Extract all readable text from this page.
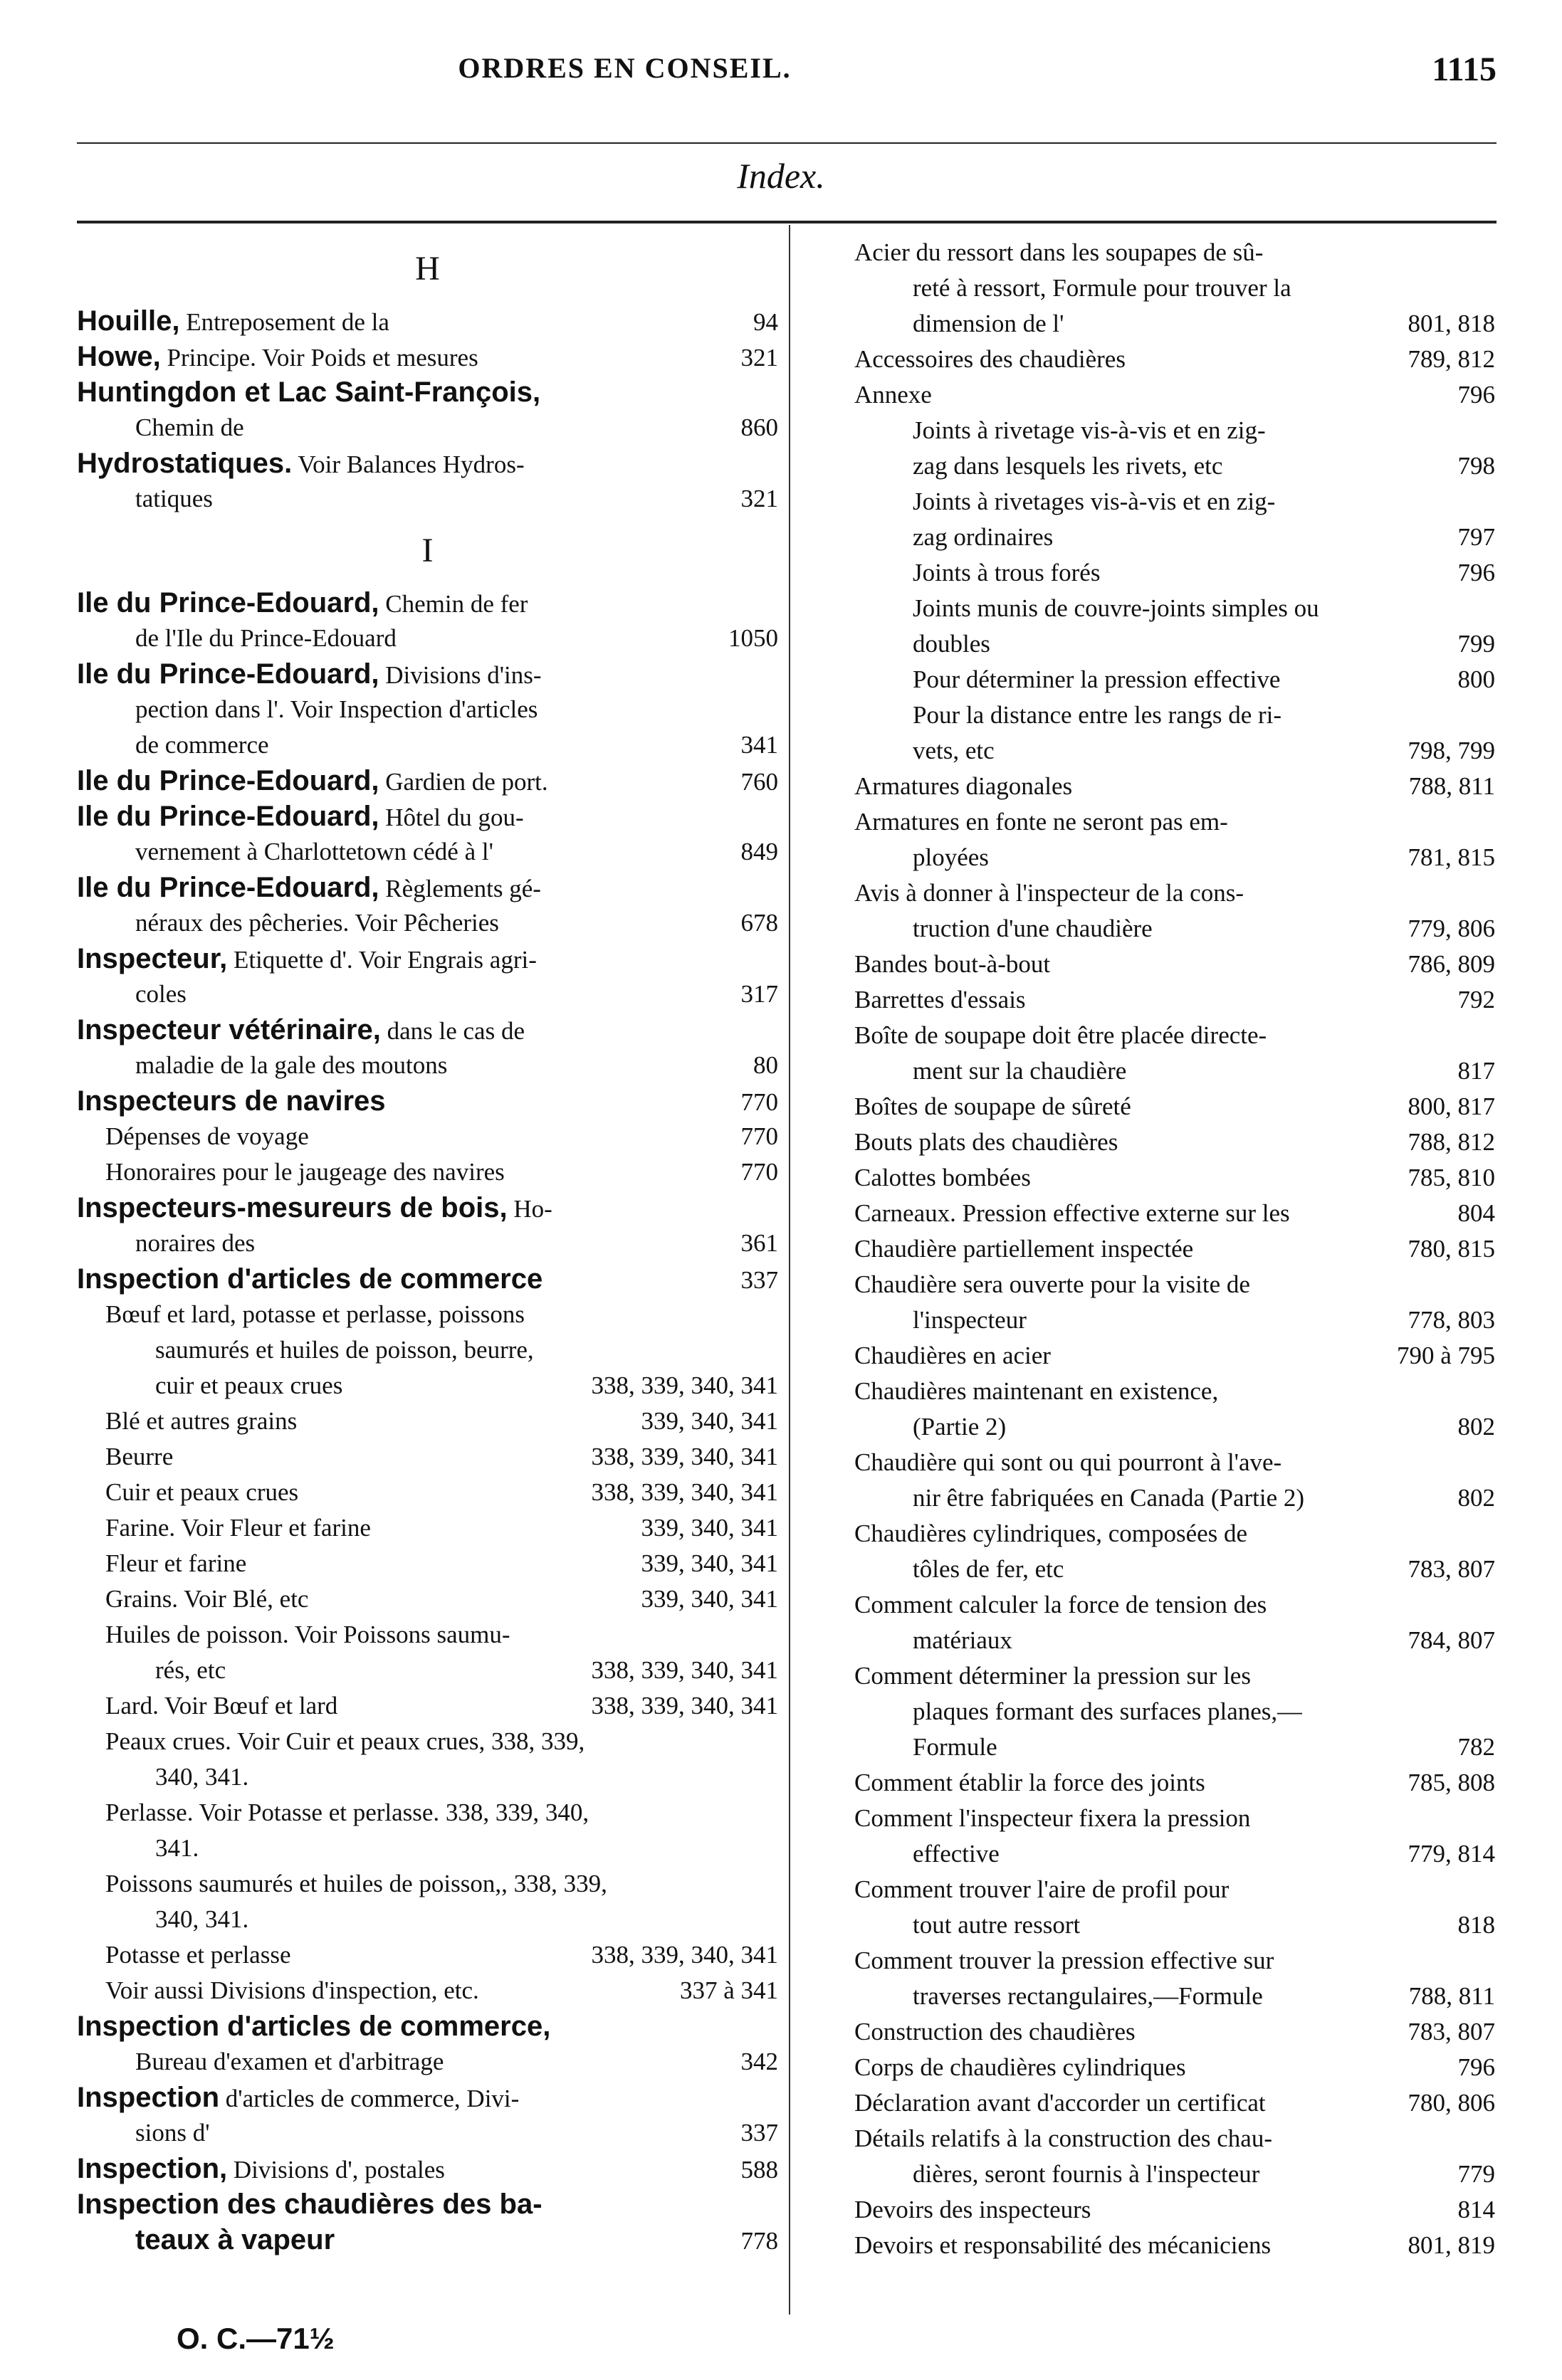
ORDRES EN CONSEIL.	1115
Index.
H
Houille, Entreposement de la	94
Howe, Principe. Voir Poids et mesures	321
Huntingdon et Lac Saint-François,
Chemin de	860
Hydrostatiques. Voir Balances Hydros-
tatiques	321
I
Ile du Prince-Edouard, Chemin de fer
de l'Ile du Prince-Edouard	1050
Ile du Prince-Edouard, Divisions d'ins-
pection dans l'. Voir Inspection d'articles
de commerce	341
Ile du Prince-Edouard, Gardien de port.	760
Ile du Prince-Edouard, Hôtel du gou-
vernement à Charlottetown cédé à l'	849
Ile du Prince-Edouard, Règlements gé-
néraux des pêcheries. Voir Pêcheries	678
Inspecteur, Etiquette d'. Voir Engrais agri-
coles	317
Inspecteur vétérinaire, dans le cas de
maladie de la gale des moutons	80
Inspecteurs de navires	770
Dépenses de voyage	770
Honoraires pour le jaugeage des navires	770
Inspecteurs-mesureurs de bois, Ho-
noraires des	361
Inspection d'articles de commerce	337
Bœuf et lard, potasse et perlasse, poissons
saumurés et huiles de poisson, beurre,
cuir et peaux crues	338, 339, 340, 341
Blé et autres grains	339, 340, 341
Beurre	338, 339, 340, 341
Cuir et peaux crues	338, 339, 340, 341
Farine. Voir Fleur et farine	339, 340, 341
Fleur et farine	339, 340, 341
Grains. Voir Blé, etc	339, 340, 341
Huiles de poisson. Voir Poissons saumu-
rés, etc	338, 339, 340, 341
Lard. Voir Bœuf et lard	338, 339, 340, 341
Peaux crues. Voir Cuir et peaux crues, 338, 339,
340, 341.
Perlasse. Voir Potasse et perlasse. 338, 339, 340,
341.
Poissons saumurés et huiles de poisson,, 338, 339,
340, 341.
Potasse et perlasse	338, 339, 340, 341
Voir aussi Divisions d'inspection, etc.	337 à 341
Inspection d'articles de commerce,
Bureau d'examen et d'arbitrage	342
Inspection d'articles de commerce, Divi-
sions d'	337
Inspection, Divisions d', postales	588
Inspection des chaudières des ba-
teaux à vapeur	778
Acier du ressort dans les soupapes de sû-
reté à ressort, Formule pour trouver la
dimension de l'	801, 818
Accessoires des chaudières	789, 812
Annexe	796
Joints à rivetage vis-à-vis et en zig-
zag dans lesquels les rivets, etc	798
Joints à rivetages vis-à-vis et en zig-
zag ordinaires	797
Joints à trous forés	796
Joints munis de couvre-joints simples ou
doubles	799
Pour déterminer la pression effective	800
Pour la distance entre les rangs de ri-
vets, etc	798, 799
Armatures diagonales	788, 811
Armatures en fonte ne seront pas em-
ployées	781, 815
Avis à donner à l'inspecteur de la cons-
truction d'une chaudière	779, 806
Bandes bout-à-bout	786, 809
Barrettes d'essais	792
Boîte de soupape doit être placée directe-
ment sur la chaudière	817
Boîtes de soupape de sûreté	800, 817
Bouts plats des chaudières	788, 812
Calottes bombées	785, 810
Carneaux. Pression effective externe sur les	804
Chaudière partiellement inspectée	780, 815
Chaudière sera ouverte pour la visite de
l'inspecteur	778, 803
Chaudières en acier	790 à 795
Chaudières maintenant en existence,
(Partie 2)	802
Chaudière qui sont ou qui pourront à l'ave-
nir être fabriquées en Canada (Partie 2)	802
Chaudières cylindriques, composées de
tôles de fer, etc	783, 807
Comment calculer la force de tension des
matériaux	784, 807
Comment déterminer la pression sur les
plaques formant des surfaces planes,—
Formule	782
Comment établir la force des joints	785, 808
Comment l'inspecteur fixera la pression
effective	779, 814
Comment trouver l'aire de profil pour
tout autre ressort	818
Comment trouver la pression effective sur
traverses rectangulaires,—Formule	788, 811
Construction des chaudières	783, 807
Corps de chaudières cylindriques	796
Déclaration avant d'accorder un certificat	780, 806
Détails relatifs à la construction des chau-
dières, seront fournis à l'inspecteur	779
Devoirs des inspecteurs	814
Devoirs et responsabilité des mécaniciens	801, 819
O. C.—71½
